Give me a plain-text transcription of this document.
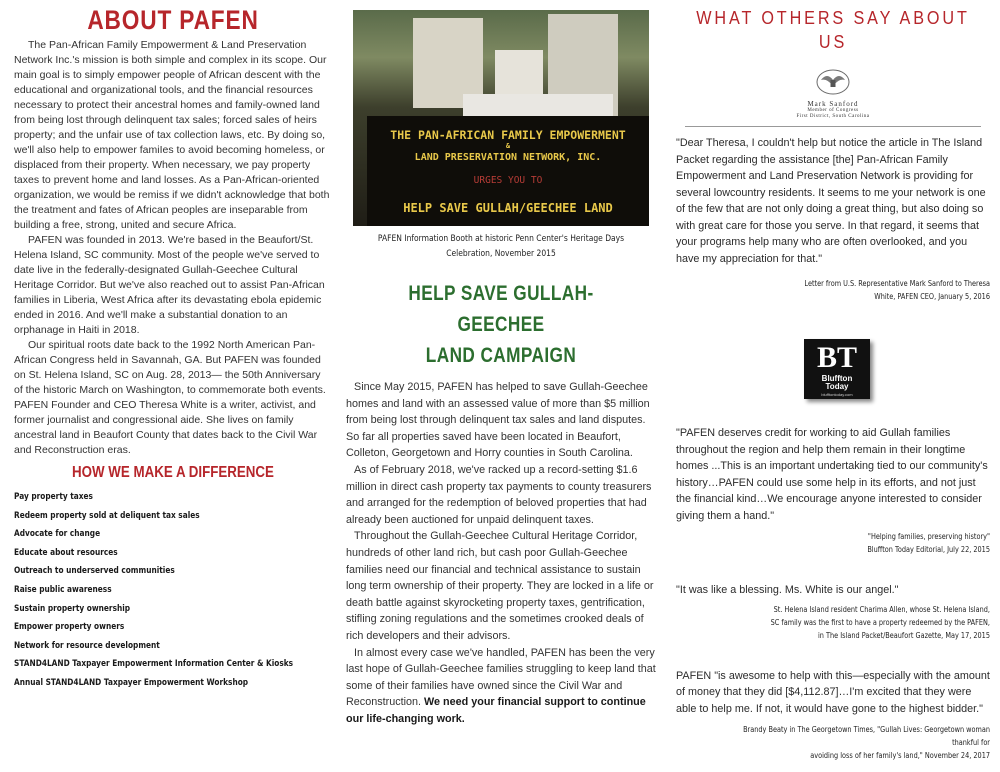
ABOUT PAFEN

The Pan-African Family Empowerment & Land Preservation Network Inc.'s mission is both simple and complex in its scope. Our main goal is to simply empower people of African descent with the educational and organizational tools, and the financial resources necessary to protect their ancestral homes and family-owned land from being lost through delinquent tax sales; forced sales of heirs property; and the unfair use of tax collection laws, etc. By doing so, we'll also help to empower famiIes to avoid becoming homeless, or displaced from their property. When necessary, we pay property taxes to prevent home and land losses. As a Pan-African-oriented organization, we would be remiss if we didn't acknowledge that both the treatment and fates of African peoples are inseparable from building a free, strong, united and secure Africa.

PAFEN was founded in 2013. We're based in the Beaufort/St. Helena Island, SC community. Most of the people we've served to date live in the federally-designated Gullah-Geechee Cultural Heritage Corridor. But we've also reached out to assist Pan-African families in Liberia, West Africa after its devastating ebola epidemic ended in 2016. And we'll make a substantial donation to an orphanage in Haiti in 2018.

Our spiritual roots date back to the 1992 North American Pan-African Congress held in Savannah, GA. But PAFEN was founded on St. Helena Island, SC on Aug. 28, 2013— the 50th Anniversary of the historic March on Washington, to commemorate both events. PAFEN Founder and CEO Theresa White is a writer, activist, and former journalist and congressional aide. She lives on family ancestral land in Beaufort County that dates back to the Civil War and Reconstruction eras.

HOW WE MAKE A DIFFERENCE
Pay property taxes
Redeem property sold at deliquent tax sales
Advocate for change
Educate about resources
Outreach to underserved communities
Raise public awareness
Sustain property ownership
Empower property owners
Network for resource development
STAND4LAND Taxpayer Empowerment Information Center & Kiosks
Annual STAND4LAND Taxpayer Empowerment Workshop
THE PAN-AFRICAN FAMILY EMPOWERMENT
&
LAND PRESERVATION NETWORK, INC.
URGES YOU TO
HELP SAVE GULLAH/GEECHEE LAND
PAFEN Information Booth at historic Penn Center's Heritage Days
Celebration, November 2015
HELP SAVE GULLAH-GEECHEE
LAND CAMPAIGN

Since May 2015, PAFEN has helped to save Gullah-Geechee homes and land with an assessed value of more than $5 million from being lost through delinquent tax sales and land disputes. So far all properties saved have been located in Beaufort, Colleton, Georgetown and Horry counties in South Carolina.

As of February 2018, we've racked up a record-setting $1.6 million in direct cash property tax payments to county treasurers and arranged for the redemption of beloved properties that had already been auctioned for unpaid delinquent taxes.

Throughout the Gullah-Geechee Cultural Heritage Corridor, hundreds of other land rich, but cash poor Gullah-Geechee families need our financial and technical assistance to sustain long term ownership of their property. They are locked in a life or death battle against skyrocketing property taxes, gentrification, stifling zoning regulations and the sometimes crooked deals of rich developers and their advisors.

In almost every case we've handled, PAFEN has been the very last hope of Gullah-Geechee families struggling to keep land that some of their families have owned since the Civil War and Reconstruction. We need your financial support to continue our life-changing work.

WHAT OTHERS SAY ABOUT US
Mark Sanford
Member of Congress
First District, South Carolina

"Dear Theresa, I couldn't help but notice the article in The Island Packet regarding the assistance [the] Pan-African Family Empowerment and Land Preservation Network is providing for several lowcountry residents. It seems to me your network is one of the few that are not only doing a great thing, but also doing so with great care for those you serve. In that regard, it seems that your programs help many who are often overlooked, and you have my appreciation for that."

Letter from U.S. Representative Mark Sanford to Theresa
White, PAFEN CEO, January 5, 2016
BT
Bluffton
Today
blufftontoday.com

"PAFEN deserves credit for working to aid Gullah families throughout the region and help them remain in their longtime homes ...This is an important undertaking tied to our community's history…PAFEN could use some help in its efforts, and not just the financial kind…We encourage anyone interested to consider giving them a hand."

"Helping families, preserving history"
Bluffton Today Editorial, July 22, 2015

"It was like a blessing. Ms. White is our angel."

St. Helena Island resident Charima Allen, whose St. Helena Island,
SC family was the first to have a property redeemed by the PAFEN,
in The Island Packet/Beaufort Gazette, May 17, 2015

PAFEN "is awesome to help with this—especially with the amount of money that they did [$4,112.87]…I'm excited that they were able to help me. If not, it would have gone to the highest bidder."

Brandy Beaty in The Georgetown Times, "Gullah Lives: Georgetown woman thankful for
avoiding loss of her family's land," November 24, 2017
